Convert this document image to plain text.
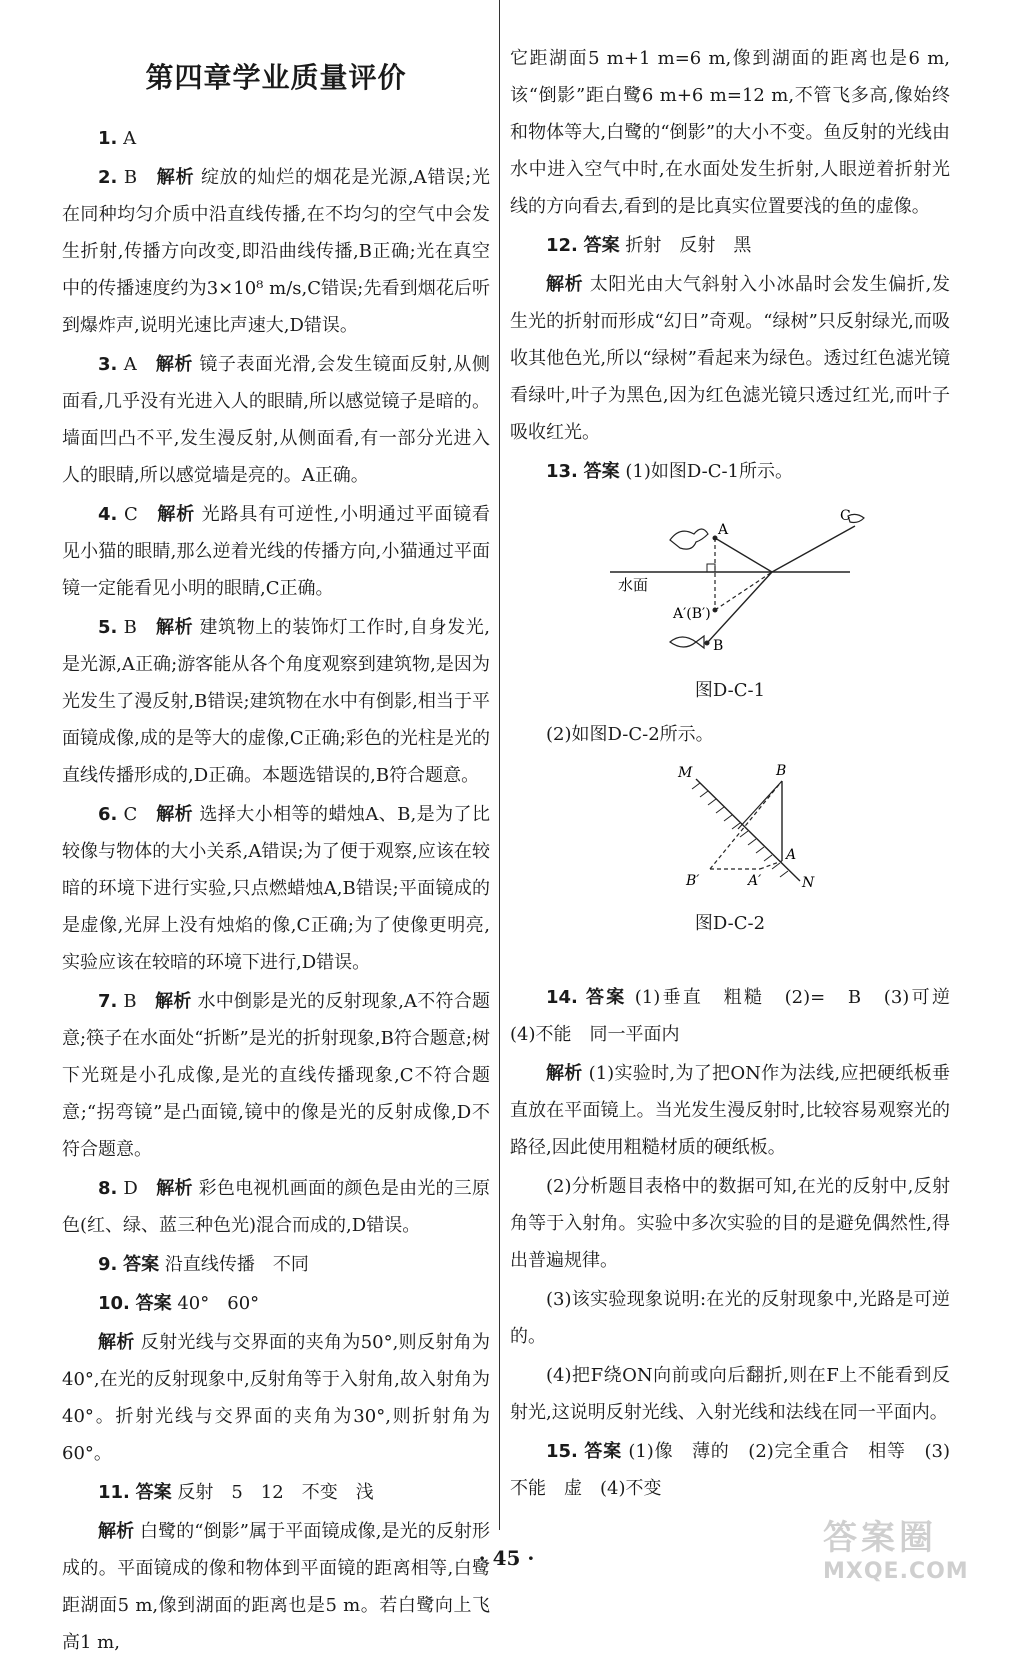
第四章学业质量评价

1. A

2. B　 解析 绽放的灿烂的烟花是光源,A错误;光在同种均匀介质中沿直线传播,在不均匀的空气中会发生折射,传播方向改变,即沿曲线传播,B正确;光在真空中的传播速度约为3×10⁸ m/s,C错误;先看到烟花后听到爆炸声,说明光速比声速大,D错误。

3. A　 解析 镜子表面光滑,会发生镜面反射,从侧面看,几乎没有光进入人的眼睛,所以感觉镜子是暗的。墙面凹凸不平,发生漫反射,从侧面看,有一部分光进入人的眼睛,所以感觉墙是亮的。A正确。

4. C　 解析 光路具有可逆性,小明通过平面镜看见小猫的眼睛,那么逆着光线的传播方向,小猫通过平面镜一定能看见小明的眼睛,C正确。

5. B　 解析 建筑物上的装饰灯工作时,自身发光,是光源,A正确;游客能从各个角度观察到建筑物,是因为光发生了漫反射,B错误;建筑物在水中有倒影,相当于平面镜成像,成的是等大的虚像,C正确;彩色的光柱是光的直线传播形成的,D正确。本题选错误的,B符合题意。

6. C　 解析 选择大小相等的蜡烛A、B,是为了比较像与物体的大小关系,A错误;为了便于观察,应该在较暗的环境下进行实验,只点燃蜡烛A,B错误;平面镜成的是虚像,光屏上没有烛焰的像,C正确;为了使像更明亮,实验应该在较暗的环境下进行,D错误。

7. B　 解析 水中倒影是光的反射现象,A不符合题意;筷子在水面处“折断”是光的折射现象,B符合题意;树下光斑是小孔成像,是光的直线传播现象,C不符合题意;“拐弯镜”是凸面镜,镜中的像是光的反射成像,D不符合题意。

8. D　 解析 彩色电视机画面的颜色是由光的三原色(红、绿、蓝三种色光)混合而成的,D错误。

9. 答案 沿直线传播　不同

10. 答案 40°　60°

解析 反射光线与交界面的夹角为50°,则反射角为40°,在光的反射现象中,反射角等于入射角,故入射角为40°。折射光线与交界面的夹角为30°,则折射角为60°。

11. 答案 反射　5　12　不变　浅

解析 白鹭的“倒影”属于平面镜成像,是光的反射形成的。平面镜成的像和物体到平面镜的距离相等,白鹭距湖面5 m,像到湖面的距离也是5 m。若白鹭向上飞高1 m,

它距湖面5 m+1 m=6 m,像到湖面的距离也是6 m,该“倒影”距白鹭6 m+6 m=12 m,不管飞多高,像始终和物体等大,白鹭的“倒影”的大小不变。鱼反射的光线由水中进入空气中时,在水面处发生折射,人眼逆着折射光线的方向看去,看到的是比真实位置要浅的鱼的虚像。

12. 答案 折射　反射　黑

解析 太阳光由大气斜射入小冰晶时会发生偏折,发生光的折射而形成“幻日”奇观。“绿树”只反射绿光,而吸收其他色光,所以“绿树”看起来为绿色。透过红色滤光镜看绿叶,叶子为黑色,因为红色滤光镜只透过红光,而叶子吸收红光。

13. 答案 (1)如图D-C-1所示。

A
A′(B′)
B
C
水面
图D-C-1

(2)如图D-C-2所示。

M
N
A
B
A′
B′
图D-C-2

14. 答案 (1)垂直　粗糙　(2)=　B　(3)可逆　(4)不能　同一平面内

解析 (1)实验时,为了把ON作为法线,应把硬纸板垂直放在平面镜上。当光发生漫反射时,比较容易观察光的路径,因此使用粗糙材质的硬纸板。

(2)分析题目表格中的数据可知,在光的反射中,反射角等于入射角。实验中多次实验的目的是避免偶然性,得出普遍规律。

(3)该实验现象说明:在光的反射现象中,光路是可逆的。

(4)把F绕ON向前或向后翻折,则在F上不能看到反射光,这说明反射光线、入射光线和法线在同一平面内。

15. 答案 (1)像　薄的　(2)完全重合　相等　(3)不能　虚　(4)不变

· 45 ·	答案圈
MXQE.COM
